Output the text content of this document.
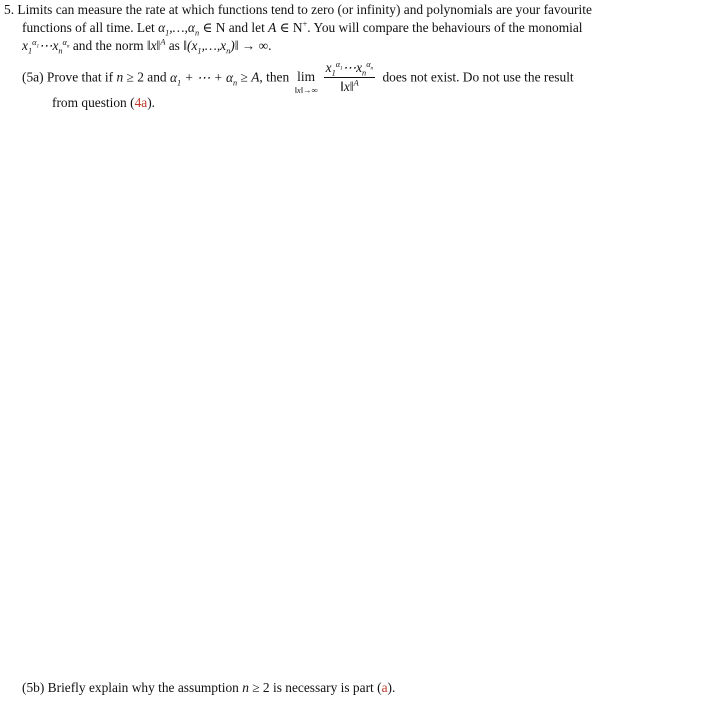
5. Limits can measure the rate at which functions tend to zero (or infinity) and polynomials are your favourite
functions of all time. Let $\alpha_1,\dots,\alpha_n$ ∈ N and let A ∈ N+. You will compare the behaviours of the monomial
$x_1^{\alpha_1}\cdots x_n^{\alpha_n}$ and the norm ‖x‖$^A$ as $‖(x_1,\dots,x_n)‖$ → ∞.
(5a) Prove that if n ≥ 2 and $\alpha_1$ + ⋯ + $\alpha_n \ge A$, then lim
‖x‖→∞ $\frac{x_1^{\alpha_1}\cdots x_n^{\alpha_n}}{‖x‖^A}$ does not exist. Do not use the result
from question (4a).
(5b) Briefly explain why the assumption n ≥ 2 is necessary is part (a).
